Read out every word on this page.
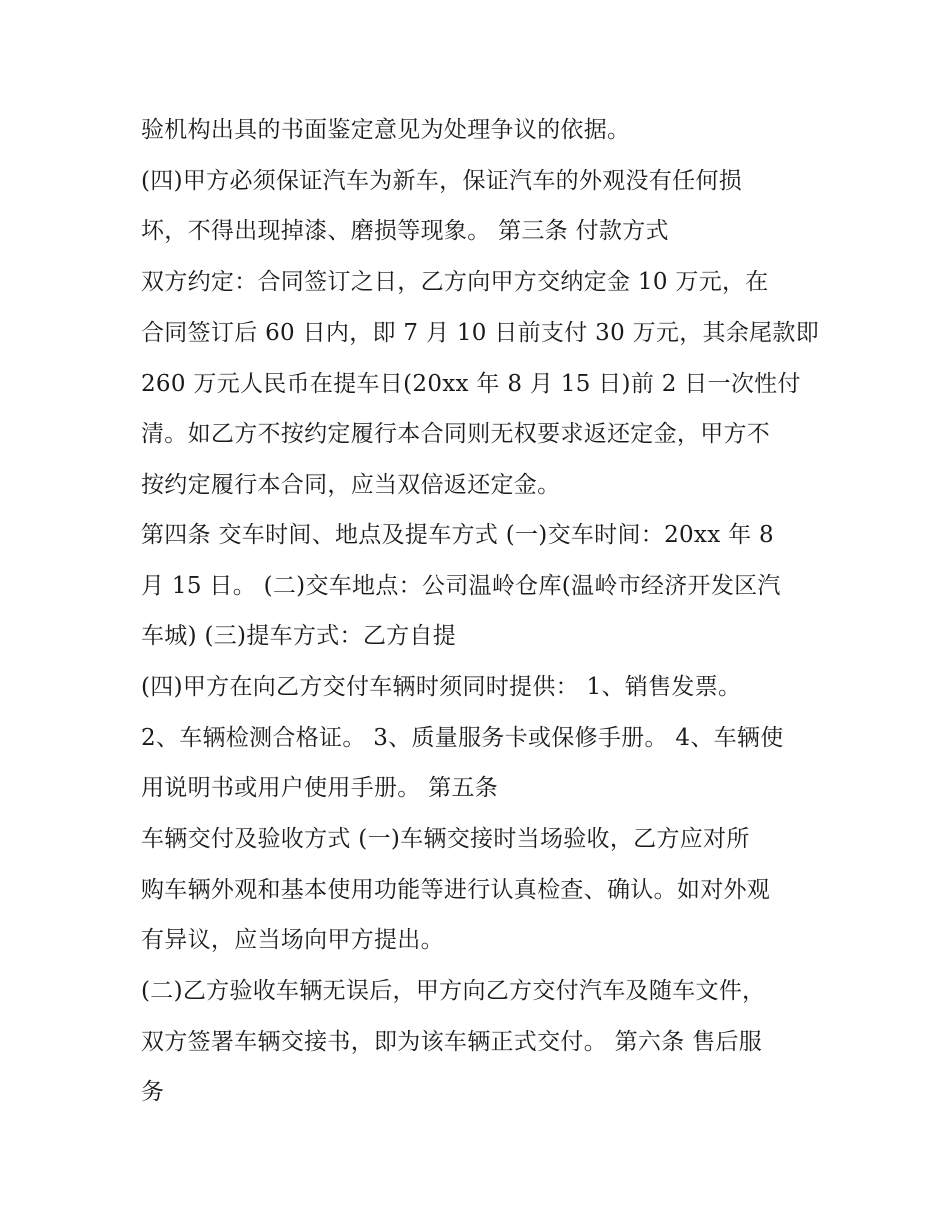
验机构出具的书面鉴定意见为处理争议的依据。
(四)甲方必须保证汽车为新车，保证汽车的外观没有任何损
坏，不得出现掉漆、磨损等现象。 第三条 付款方式
双方约定：合同签订之日，乙方向甲方交纳定金 10 万元，在
合同签订后 60 日内，即 7 月 10 日前支付 30 万元，其余尾款即
260 万元人民币在提车日(20xx 年 8 月 15 日)前 2 日一次性付
清。如乙方不按约定履行本合同则无权要求返还定金，甲方不
按约定履行本合同，应当双倍返还定金。
第四条 交车时间、地点及提车方式 (一)交车时间：20xx 年 8
月 15 日。 (二)交车地点：公司温岭仓库(温岭市经济开发区汽
车城) (三)提车方式：乙方自提
(四)甲方在向乙方交付车辆时须同时提供： 1、销售发票。
2、车辆检测合格证。 3、质量服务卡或保修手册。 4、车辆使
用说明书或用户使用手册。 第五条
车辆交付及验收方式 (一)车辆交接时当场验收，乙方应对所
购车辆外观和基本使用功能等进行认真检查、确认。如对外观
有异议，应当场向甲方提出。
(二)乙方验收车辆无误后，甲方向乙方交付汽车及随车文件，
双方签署车辆交接书，即为该车辆正式交付。 第六条 售后服
务
